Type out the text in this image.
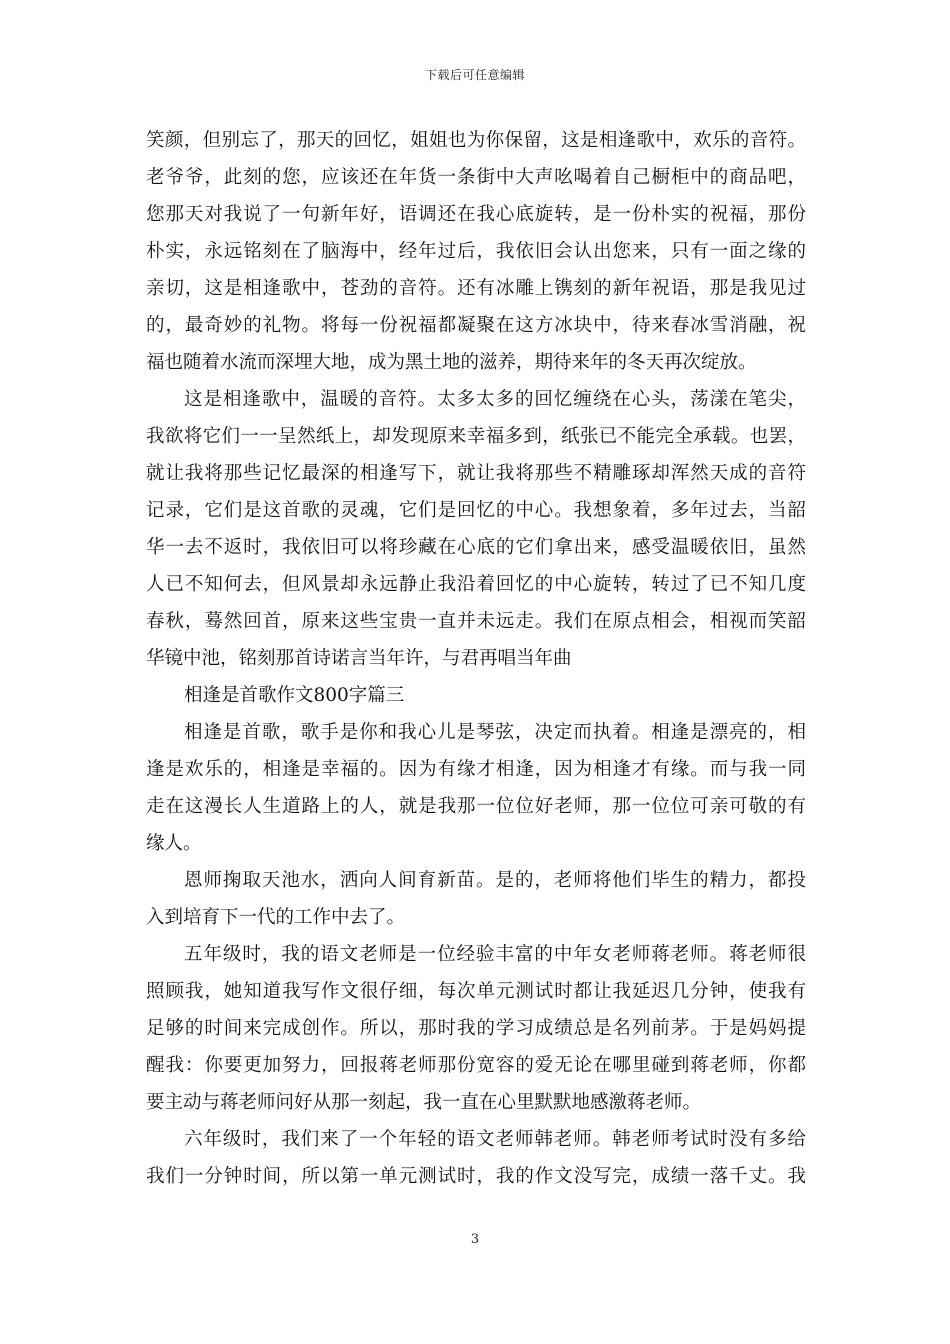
下载后可任意编辑
笑颜，但别忘了，那天的回忆，姐姐也为你保留，这是相逢歌中，欢乐的音符。
老爷爷，此刻的您，应该还在年货一条街中大声吆喝着自己橱柜中的商品吧，
您那天对我说了一句新年好，语调还在我心底旋转，是一份朴实的祝福，那份
朴实，永远铭刻在了脑海中，经年过后，我依旧会认出您来，只有一面之缘的
亲切，这是相逢歌中，苍劲的音符。还有冰雕上镌刻的新年祝语，那是我见过
的，最奇妙的礼物。将每一份祝福都凝聚在这方冰块中，待来春冰雪消融，祝
福也随着水流而深埋大地，成为黑土地的滋养，期待来年的冬天再次绽放。
这是相逢歌中，温暖的音符。太多太多的回忆缠绕在心头，荡漾在笔尖，
我欲将它们一一呈然纸上，却发现原来幸福多到，纸张已不能完全承载。也罢，
就让我将那些记忆最深的相逢写下，就让我将那些不精雕琢却浑然天成的音符
记录，它们是这首歌的灵魂，它们是回忆的中心。我想象着，多年过去，当韶
华一去不返时，我依旧可以将珍藏在心底的它们拿出来，感受温暖依旧，虽然
人已不知何去，但风景却永远静止我沿着回忆的中心旋转，转过了已不知几度
春秋，蓦然回首，原来这些宝贵一直并未远走。我们在原点相会，相视而笑韶
华镜中池，铭刻那首诗诺言当年许，与君再唱当年曲
相逢是首歌作文800字篇三
相逢是首歌，歌手是你和我心儿是琴弦，决定而执着。相逢是漂亮的，相
逢是欢乐的，相逢是幸福的。因为有缘才相逢，因为相逢才有缘。而与我一同
走在这漫长人生道路上的人，就是我那一位位好老师，那一位位可亲可敬的有
缘人。
恩师掬取天池水，洒向人间育新苗。是的，老师将他们毕生的精力，都投
入到培育下一代的工作中去了。
五年级时，我的语文老师是一位经验丰富的中年女老师蒋老师。蒋老师很
照顾我，她知道我写作文很仔细，每次单元测试时都让我延迟几分钟，使我有
足够的时间来完成创作。所以，那时我的学习成绩总是名列前茅。于是妈妈提
醒我：你要更加努力，回报蒋老师那份宽容的爱无论在哪里碰到蒋老师，你都
要主动与蒋老师问好从那一刻起，我一直在心里默默地感激蒋老师。
六年级时，我们来了一个年轻的语文老师韩老师。韩老师考试时没有多给
我们一分钟时间，所以第一单元测试时，我的作文没写完，成绩一落千丈。我
3
